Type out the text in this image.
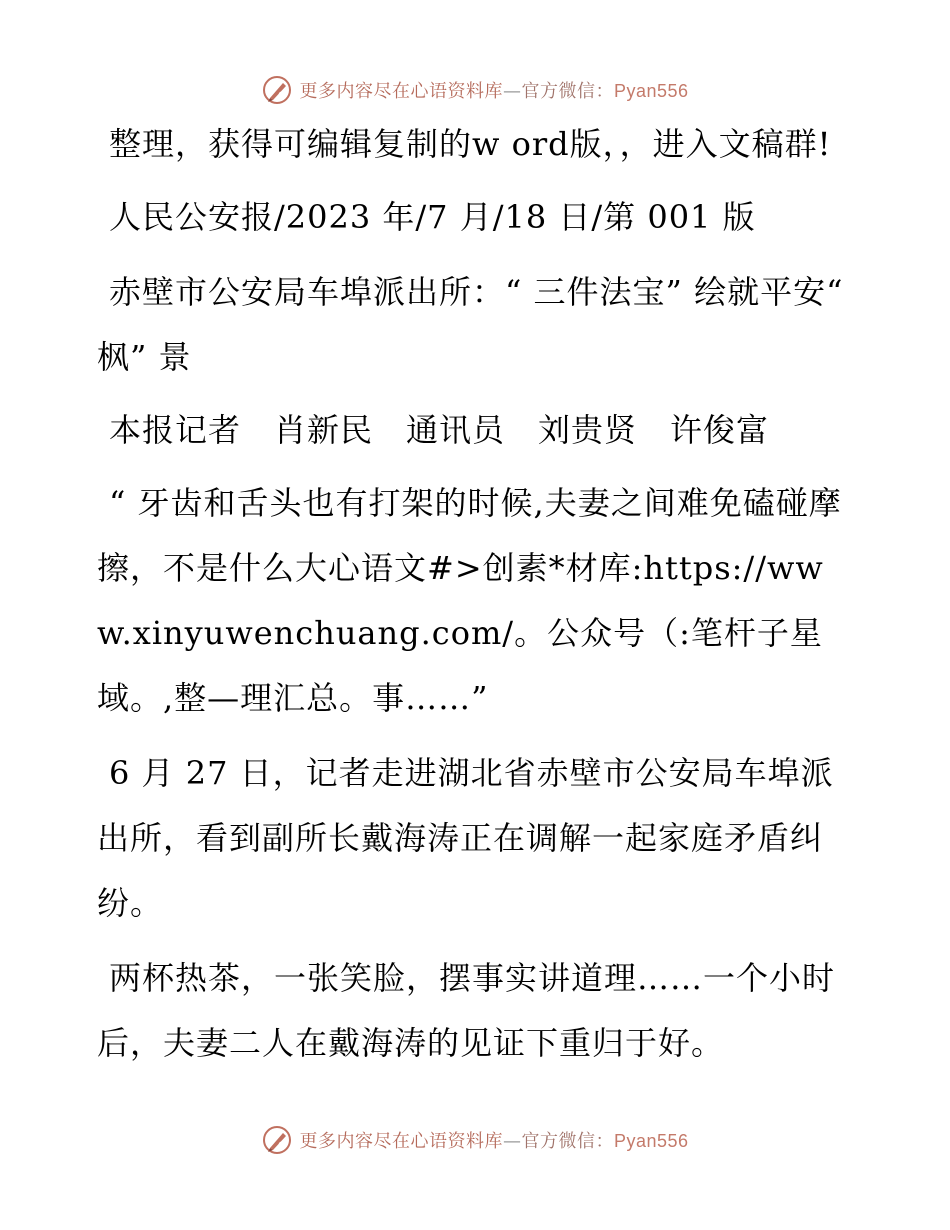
更多内容尽在心语资料库—官方微信：Pyan556

整理，获得可编辑复制的w ord版，，进入文稿群!

人民公安报/2023 年/7 月/18 日/第 001 版

赤壁市公安局车埠派出所：“ 三件法宝” 绘就平安“ 枫” 景

本报记者　肖新民　通讯员　刘贵贤　许俊富

“ 牙齿和舌头也有打架的时候,夫妻之间难免磕碰摩擦，不是什么大心语文#>创素*材库:https://www.xinyuwenchuang.com/。公众号（:笔杆子星域。,整—理汇总。事……”

6 月 27 日，记者走进湖北省赤壁市公安局车埠派出所，看到副所长戴海涛正在调解一起家庭矛盾纠纷。

两杯热茶，一张笑脸，摆事实讲道理……一个小时后，夫妻二人在戴海涛的见证下重归于好。

更多内容尽在心语资料库—官方微信：Pyan556
